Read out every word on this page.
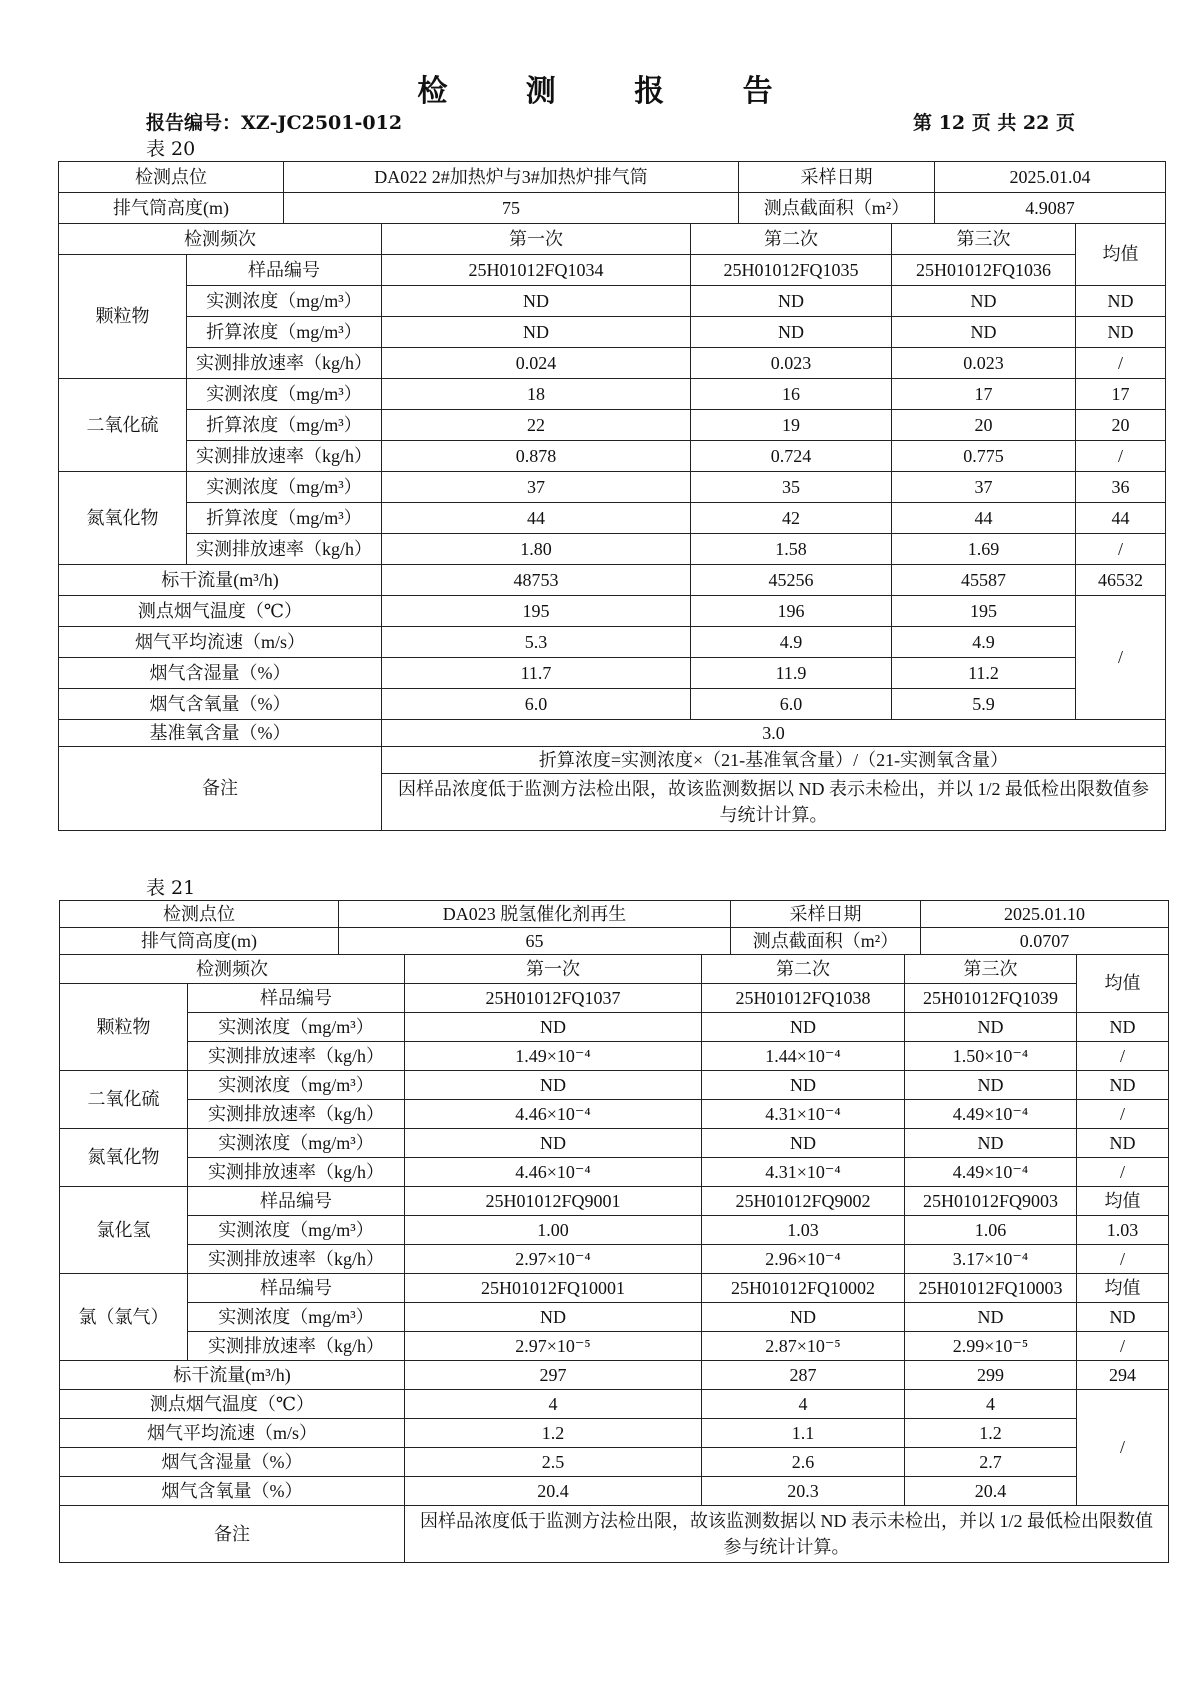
检 测 报 告
报告编号：XZ-JC2501-012	第 12 页 共 22 页
表 20
检测点位		DA022 2#加热炉与3#加热炉排气筒			采样日期		2025.01.04	
排气筒高度(m)		75			测点截面积（m²）		4.9087	
检测频次			第一次	第二次		第三次		均值
颗粒物	样品编号		25H01012FQ1034	25H01012FQ1035		25H01012FQ1036		
	实测浓度（mg/m³）		ND	ND		ND		ND
	折算浓度（mg/m³）		ND	ND		ND		ND
	实测排放速率（kg/h）		0.024	0.023		0.023		/
二氧化硫	实测浓度（mg/m³）		18	16		17		17
	折算浓度（mg/m³）		22	19		20		20
	实测排放速率（kg/h）		0.878	0.724		0.775		/
氮氧化物	实测浓度（mg/m³）		37	35		37		36
	折算浓度（mg/m³）		44	42		44		44
	实测排放速率（kg/h）		1.80	1.58		1.69		/
标干流量(m³/h)			48753	45256		45587		46532
测点烟气温度（℃）			195	196		195		/
烟气平均流速（m/s）			5.3	4.9		4.9		
烟气含湿量（%）			11.7	11.9		11.2		
烟气含氧量（%）			6.0	6.0		5.9		
基准氧含量（%）			3.0					
备注			折算浓度=实测浓度×（21-基准氧含量）/（21-实测氧含量）					
			因样品浓度低于监测方法检出限，故该监测数据以 ND 表示未检出，并以 1/2 最低检出限数值参与统计计算。					
表 21
检测点位		DA023 脱氢催化剂再生			采样日期		2025.01.10	
排气筒高度(m)		65			测点截面积（m²）		0.0707	
检测频次			第一次	第二次		第三次		均值
颗粒物	样品编号		25H01012FQ1037	25H01012FQ1038		25H01012FQ1039		
	实测浓度（mg/m³）		ND	ND		ND		ND
	实测排放速率（kg/h）		1.49×10⁻⁴	1.44×10⁻⁴		1.50×10⁻⁴		/
二氧化硫	实测浓度（mg/m³）		ND	ND		ND		ND
	实测排放速率（kg/h）		4.46×10⁻⁴	4.31×10⁻⁴		4.49×10⁻⁴		/
氮氧化物	实测浓度（mg/m³）		ND	ND		ND		ND
	实测排放速率（kg/h）		4.46×10⁻⁴	4.31×10⁻⁴		4.49×10⁻⁴		/
氯化氢	样品编号		25H01012FQ9001	25H01012FQ9002		25H01012FQ9003		均值
	实测浓度（mg/m³）		1.00	1.03		1.06		1.03
	实测排放速率（kg/h）		2.97×10⁻⁴	2.96×10⁻⁴		3.17×10⁻⁴		/
氯（氯气）	样品编号		25H01012FQ10001	25H01012FQ10002		25H01012FQ10003		均值
	实测浓度（mg/m³）		ND	ND		ND		ND
	实测排放速率（kg/h）		2.97×10⁻⁵	2.87×10⁻⁵		2.99×10⁻⁵		/
标干流量(m³/h)			297	287		299		294
测点烟气温度（℃）			4	4		4		/
烟气平均流速（m/s）			1.2	1.1		1.2		
烟气含湿量（%）			2.5	2.6		2.7		
烟气含氧量（%）			20.4	20.3		20.4		
备注			因样品浓度低于监测方法检出限，故该监测数据以 ND 表示未检出，并以 1/2 最低检出限数值参与统计计算。					
